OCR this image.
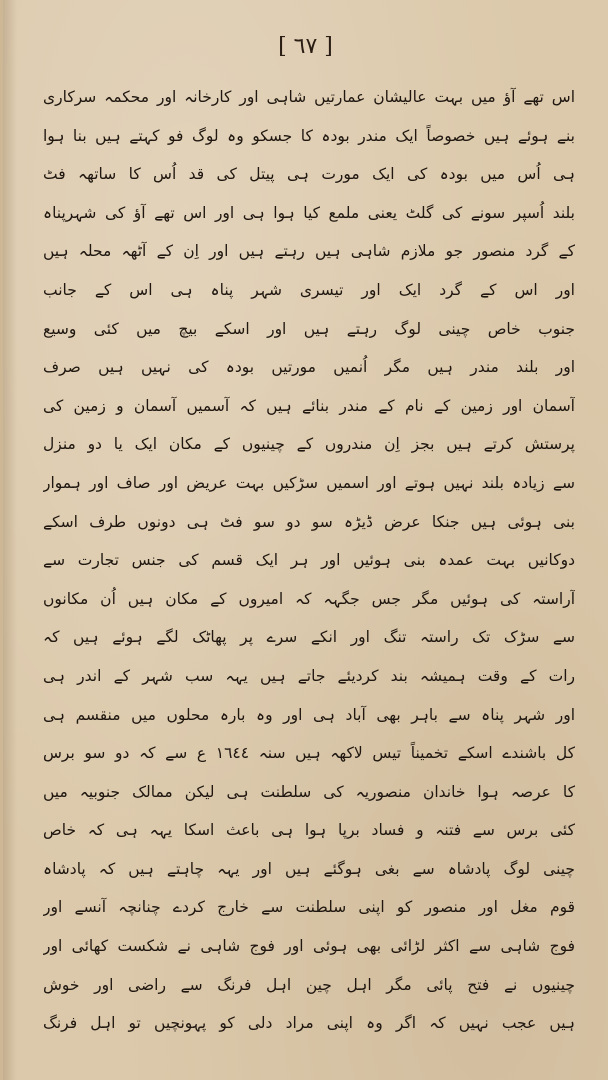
[ ٦٧ ]
اس تھے آؤ میں بہت عالیشان عمارتیں شاہی اور کارخانہ اور محکمہ سرکاری
بنے ہوئے ہیں خصوصاً ایک مندر بودہ کا جسکو وہ لوگ فو کہتے ہیں بنا ہوا
ہی اُس میں بودہ کی ایک مورت ہی پیتل کی قد اُس کا ساتھہ فٹ
بلند اُسپر سونے کی گلٹ یعنی ملمع کیا ہوا ہی اور اس تھے آؤ کی شہرپناہ
کے گرد منصور جو ملازم شاہی ہیں رہتے ہیں اور اِن کے آٹھہ محلہ ہیں
اور اس کے گرد ایک اور تیسری شہر پناہ ہی اس کے جانب
جنوب خاص چینی لوگ رہتے ہیں اور اسکے بیچ میں کئی وسیع
اور بلند مندر ہیں مگر اُنمیں مورتیں بودہ کی نہیں ہیں صرف
آسمان اور زمین کے نام کے مندر بنائے ہیں کہ آسمیں آسمان و زمین کی
پرستش کرتے ہیں بجز اِن مندروں کے چینیوں کے مکان ایک یا دو منزل
سے زیادہ بلند نہیں ہوتے اور اسمیں سڑکیں بہت عریض اور صاف اور ہموار
بنی ہوئی ہیں جنکا عرض ڈیڑہ سو دو سو فٹ ہی دونوں طرف اسکے
دوکانیں بہت عمدہ بنی ہوئیں اور ہر ایک قسم کی جنس تجارت سے
آراستہ کی ہوئیں مگر جس جگہہ کہ امیروں کے مکان ہیں اُن مکانوں
سے سڑک تک راستہ تنگ اور انکے سرے پر پھاٹک لگے ہوئے ہیں کہ
رات کے وقت ہمیشہ بند کردیئے جاتے ہیں یہہ سب شہر کے اندر ہی
اور شہر پناہ سے باہر بھی آباد ہی اور وہ بارہ محلوں میں منقسم ہی
کل باشندے اسکے تخمیناً تیس لاکھہ ہیں سنہ ١٦٤٤ ع سے کہ دو سو برس
کا عرصہ ہوا خاندان منصوریہ کی سلطنت ہی لیکن ممالک جنوبیہ میں
کئی برس سے فتنہ و فساد برپا ہوا ہی باعث اسکا یہہ ہی کہ خاص
چینی لوگ پادشاہ سے بغی ہوگئے ہیں اور یہہ چاہتے ہیں کہ پادشاہ
قوم مغل اور منصور کو اپنی سلطنت سے خارج کردے چنانچہ آنسے اور
فوج شاہی سے اکثر لڑائی بھی ہوئی اور فوج شاہی نے شکست کھائی اور
چینیوں نے فتح پائی مگر اہل چین اہل فرنگ سے راضی اور خوش
ہیں عجب نہیں کہ اگر وہ اپنی مراد دلی کو پہونچیں تو اہل فرنگ
